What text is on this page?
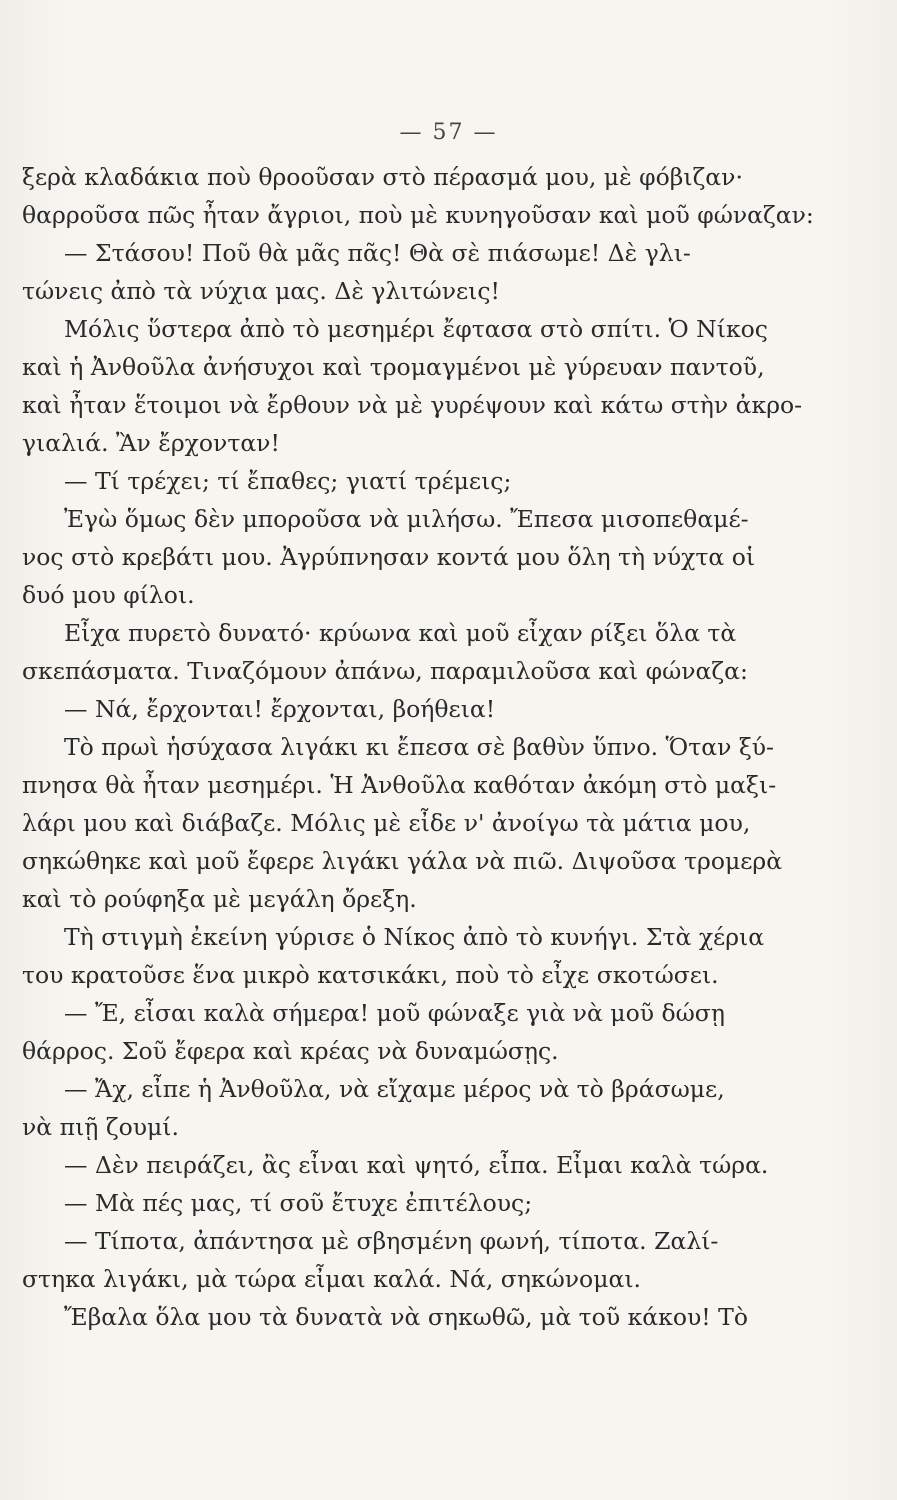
— 57 —
ξερὰ κλαδάκια ποὺ θροοῦσαν στὸ πέρασμά μου, μὲ φόβιζαν·
θαρροῦσα πῶς ἦταν ἄγριοι, ποὺ μὲ κυνηγοῦσαν καὶ μοῦ φώναζαν:
— Στάσου! Ποῦ θὰ μᾶς πᾶς! Θὰ σὲ πιάσωμε! Δὲ γλι-
τώνεις ἀπὸ τὰ νύχια μας. Δὲ γλιτώνεις!
Μόλις ὕστερα ἀπὸ τὸ μεσημέρι ἔφτασα στὸ σπίτι. Ὁ Νίκος
καὶ ἡ Ἀνθοῦλα ἀνήσυχοι καὶ τρομαγμένοι μὲ γύρευαν παντοῦ,
καὶ ἦταν ἕτοιμοι νὰ ἔρθουν νὰ μὲ γυρέψουν καὶ κάτω στὴν ἀκρο-
γιαλιά. Ἂν ἔρχονταν!
— Τί τρέχει; τί ἔπαθες; γιατί τρέμεις;
Ἐγὼ ὅμως δὲν μποροῦσα νὰ μιλήσω. Ἔπεσα μισοπεθαμέ-
νος στὸ κρεβάτι μου. Ἀγρύπνησαν κοντά μου ὅλη τὴ νύχτα οἱ
δυό μου φίλοι.
Εἶχα πυρετὸ δυνατό· κρύωνα καὶ μοῦ εἶχαν ρίξει ὅλα τὰ
σκεπάσματα. Τιναζόμουν ἀπάνω, παραμιλοῦσα καὶ φώναζα:
— Νά, ἔρχονται! ἔρχονται, βοήθεια!
Τὸ πρωὶ ἡσύχασα λιγάκι κι ἔπεσα σὲ βαθὺν ὕπνο. Ὅταν ξύ-
πνησα θὰ ἦταν μεσημέρι. Ἡ Ἀνθοῦλα καθόταν ἀκόμη στὸ μαξι-
λάρι μου καὶ διάβαζε. Μόλις μὲ εἶδε ν' ἀνοίγω τὰ μάτια μου,
σηκώθηκε καὶ μοῦ ἔφερε λιγάκι γάλα νὰ πιῶ. Διψοῦσα τρομερὰ
καὶ τὸ ρούφηξα μὲ μεγάλη ὄρεξη.
Τὴ στιγμὴ ἐκείνη γύρισε ὁ Νίκος ἀπὸ τὸ κυνήγι. Στὰ χέρια
του κρατοῦσε ἕνα μικρὸ κατσικάκι, ποὺ τὸ εἶχε σκοτώσει.
— Ἔ, εἶσαι καλὰ σήμερα! μοῦ φώναξε γιὰ νὰ μοῦ δώσῃ
θάρρος. Σοῦ ἔφερα καὶ κρέας νὰ δυναμώσῃς.
— Ἄχ, εἶπε ἡ Ἀνθοῦλα, νὰ εἴχαμε μέρος νὰ τὸ βράσωμε,
νὰ πιῇ ζουμί.
— Δὲν πειράζει, ἂς εἶναι καὶ ψητό, εἶπα. Εἶμαι καλὰ τώρα.
— Μὰ πές μας, τί σοῦ ἔτυχε ἐπιτέλους;
— Τίποτα, ἀπάντησα μὲ σβησμένη φωνή, τίποτα. Ζαλί-
στηκα λιγάκι, μὰ τώρα εἶμαι καλά. Νά, σηκώνομαι.
Ἔβαλα ὅλα μου τὰ δυνατὰ νὰ σηκωθῶ, μὰ τοῦ κάκου! Τὸ
